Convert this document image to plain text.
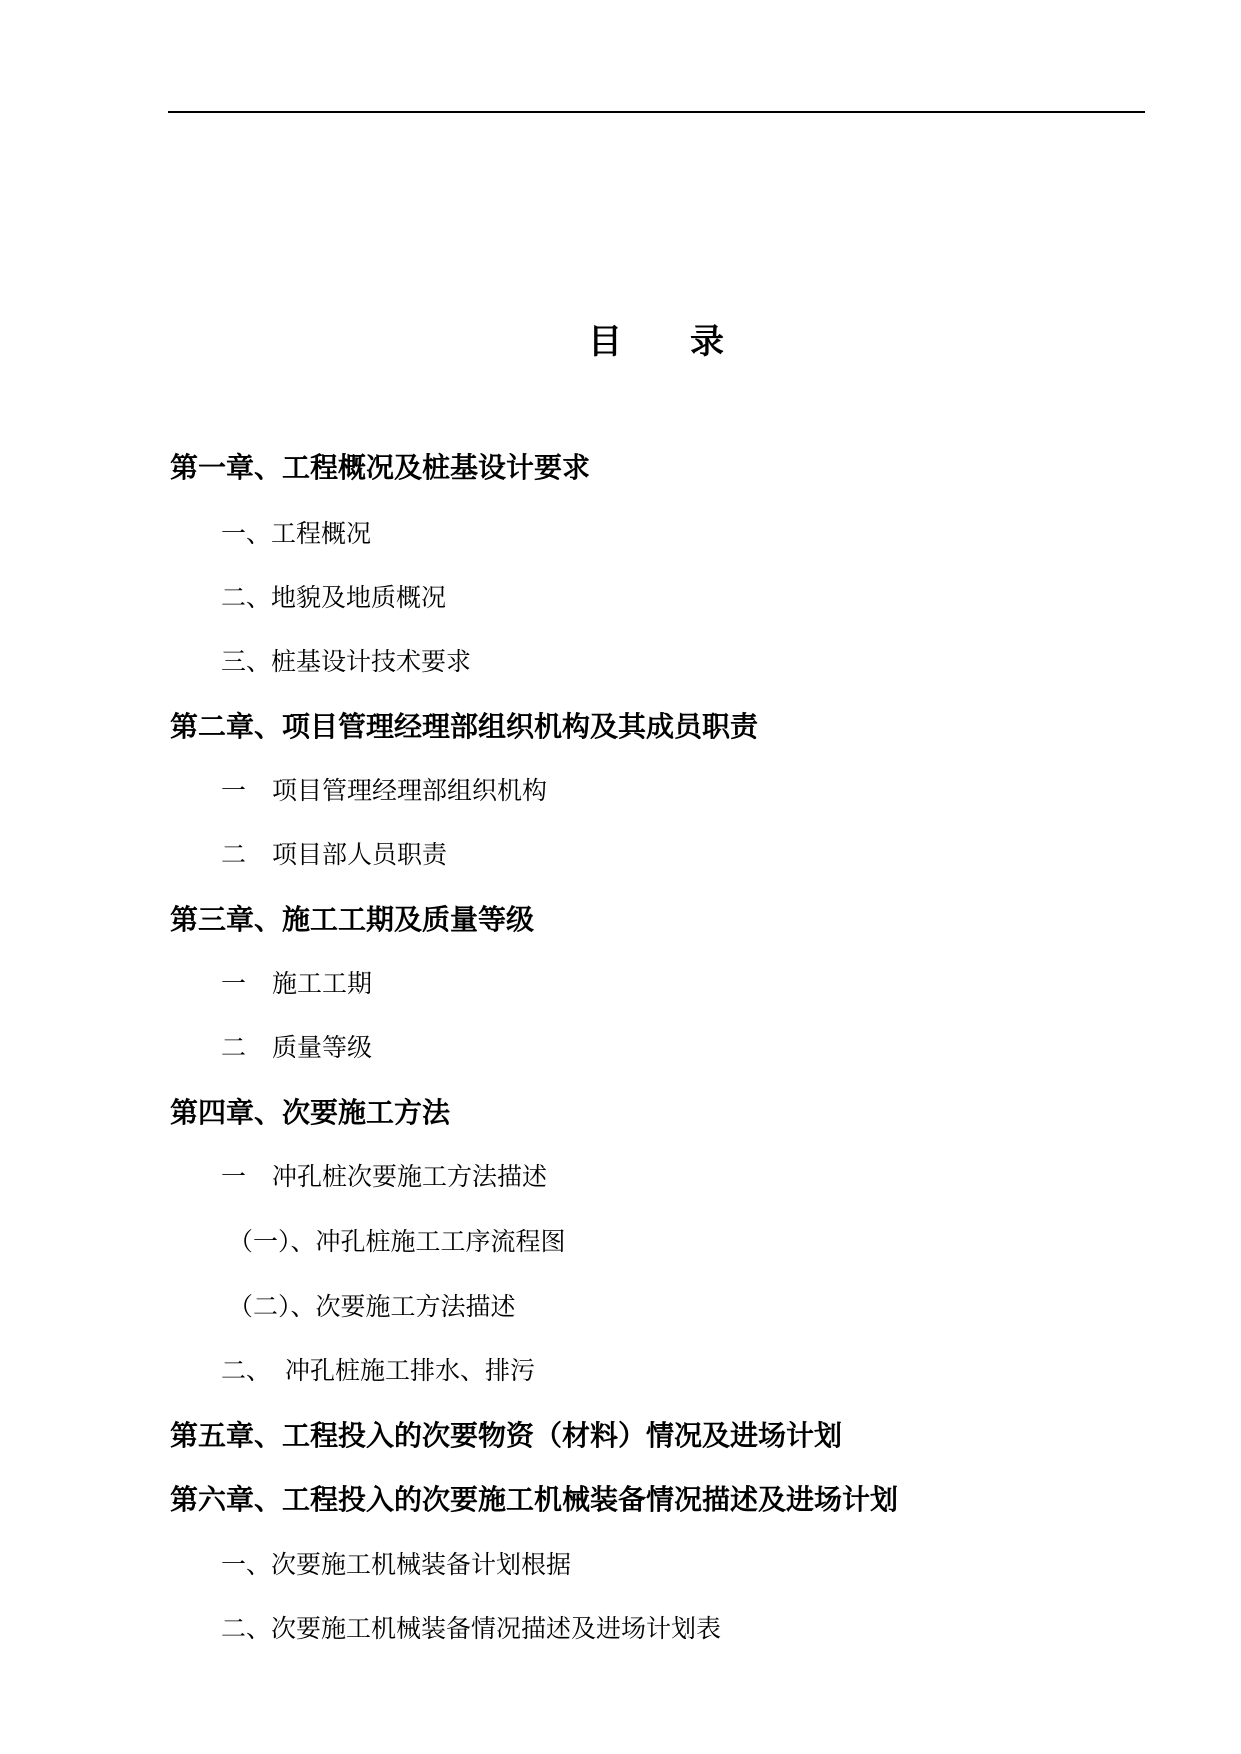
目 录
第一章、工程概况及桩基设计要求
一、工程概况
二、地貌及地质概况
三、桩基设计技术要求
第二章、项目管理经理部组织机构及其成员职责
一 项目管理经理部组织机构
二 项目部人员职责
第三章、施工工期及质量等级
一 施工工期
二 质量等级
第四章、次要施工方法
一 冲孔桩次要施工方法描述
（一）、冲孔桩施工工序流程图
（二）、次要施工方法描述
二、 冲孔桩施工排水、排污
第五章、工程投入的次要物资（材料）情况及进场计划
第六章、工程投入的次要施工机械装备情况描述及进场计划
一、次要施工机械装备计划根据
二、次要施工机械装备情况描述及进场计划表
